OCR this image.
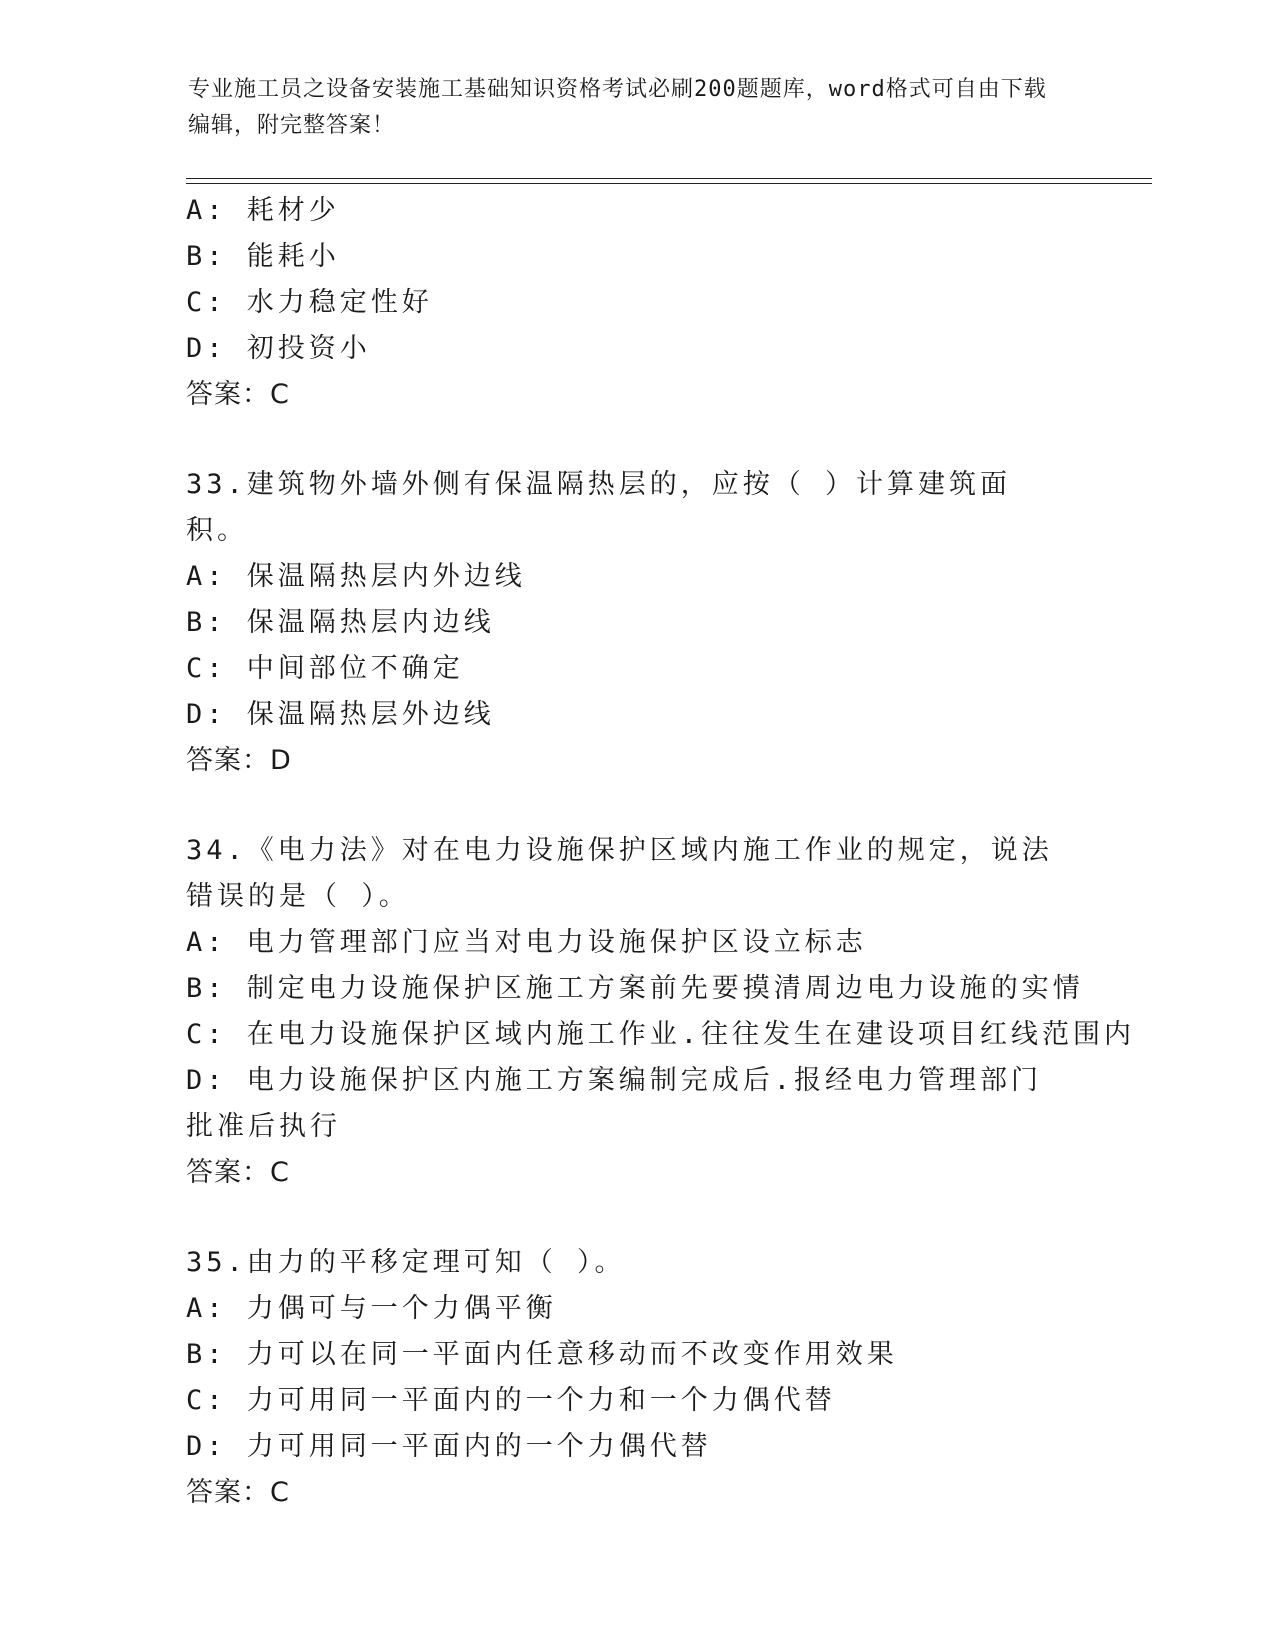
专业施工员之设备安装施工基础知识资格考试必刷200题题库，word格式可自由下载编辑，附完整答案！
A: 耗材少
B: 能耗小
C: 水力稳定性好
D: 初投资小
答案：C
33.建筑物外墙外侧有保温隔热层的，应按（ ）计算建筑面积。
A: 保温隔热层内外边线
B: 保温隔热层内边线
C: 中间部位不确定
D: 保温隔热层外边线
答案：D
34.《电力法》对在电力设施保护区域内施工作业的规定，说法错误的是（ ）。
A: 电力管理部门应当对电力设施保护区设立标志
B: 制定电力设施保护区施工方案前先要摸清周边电力设施的实情
C: 在电力设施保护区域内施工作业.往往发生在建设项目红线范围内
D: 电力设施保护区内施工方案编制完成后.报经电力管理部门批准后执行
答案：C
35.由力的平移定理可知（ ）。
A: 力偶可与一个力偶平衡
B: 力可以在同一平面内任意移动而不改变作用效果
C: 力可用同一平面内的一个力和一个力偶代替
D: 力可用同一平面内的一个力偶代替
答案：C
